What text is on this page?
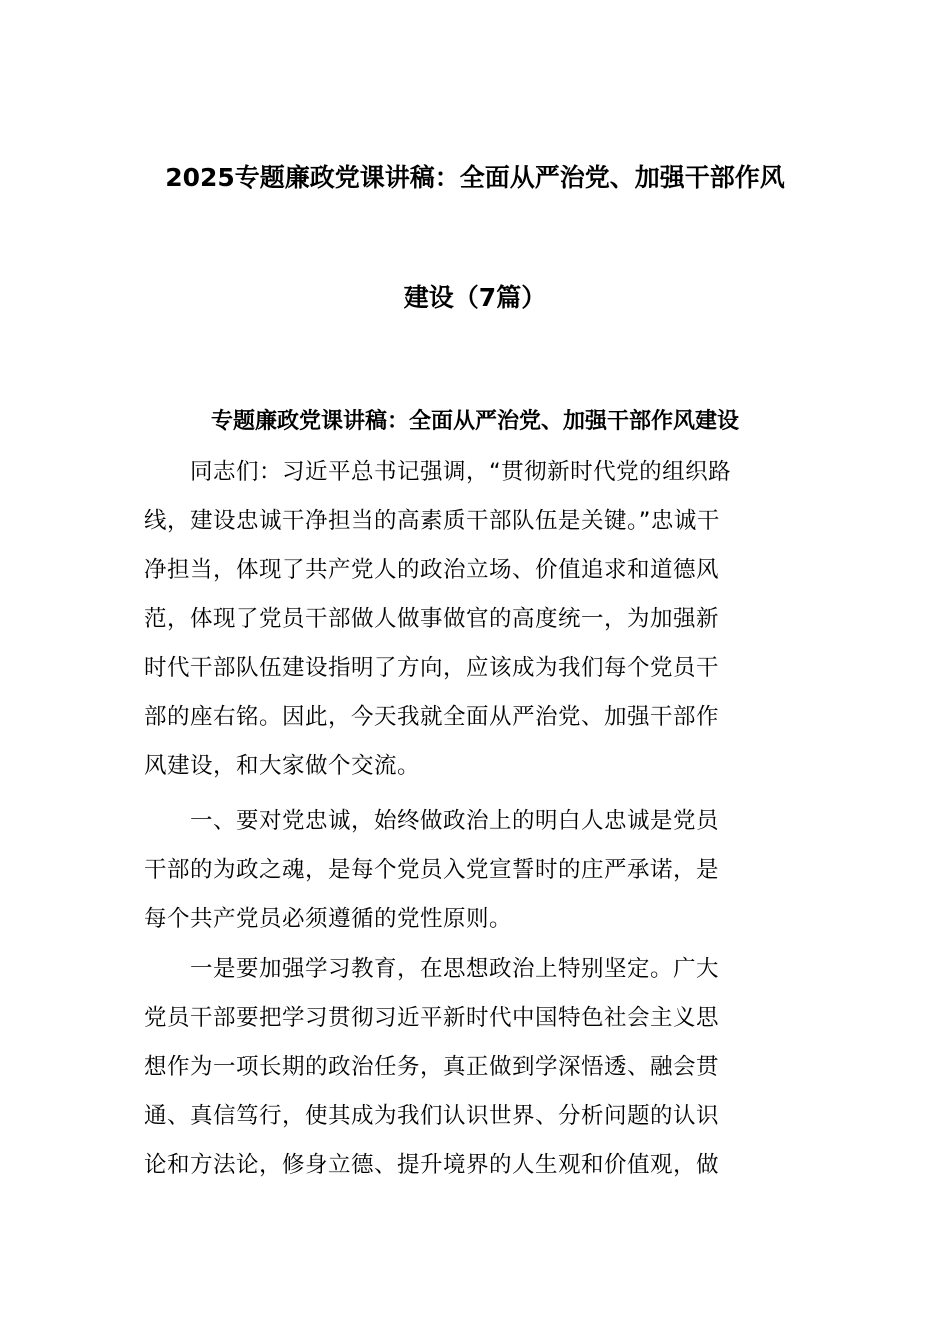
2025专题廉政党课讲稿：全面从严治党、加强干部作风
建设（7篇）
专题廉政党课讲稿：全面从严治党、加强干部作风建设

　　同志们：习近平总书记强调，“贯彻新时代党的组织路
线，建设忠诚干净担当的高素质干部队伍是关键。”忠诚干
净担当，体现了共产党人的政治立场、价值追求和道德风
范，体现了党员干部做人做事做官的高度统一，为加强新
时代干部队伍建设指明了方向，应该成为我们每个党员干
部的座右铭。因此，今天我就全面从严治党、加强干部作
风建设，和大家做个交流。

　　一、要对党忠诚，始终做政治上的明白人忠诚是党员
干部的为政之魂，是每个党员入党宣誓时的庄严承诺，是
每个共产党员必须遵循的党性原则。

　　一是要加强学习教育，在思想政治上特别坚定。广大
党员干部要把学习贯彻习近平新时代中国特色社会主义思
想作为一项长期的政治任务，真正做到学深悟透、融会贯
通、真信笃行，使其成为我们认识世界、分析问题的认识
论和方法论，修身立德、提升境界的人生观和价值观，做
